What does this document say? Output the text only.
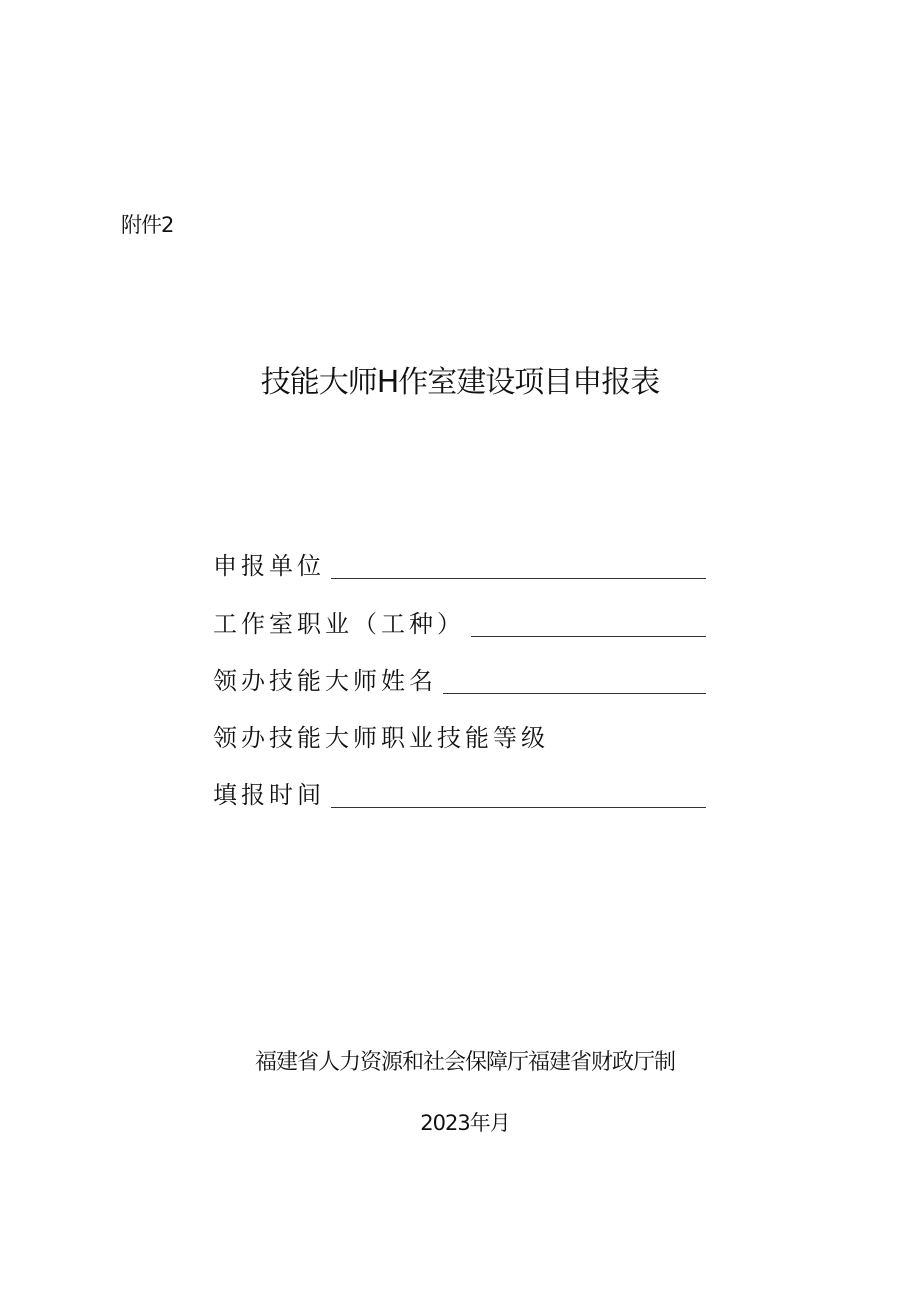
附件2
技能大师H作室建设项目申报表
申报单位
工作室职业（工种）
领办技能大师姓名
领办技能大师职业技能等级
填报时间
福建省人力资源和社会保障厅福建省财政厅制
2023年月
